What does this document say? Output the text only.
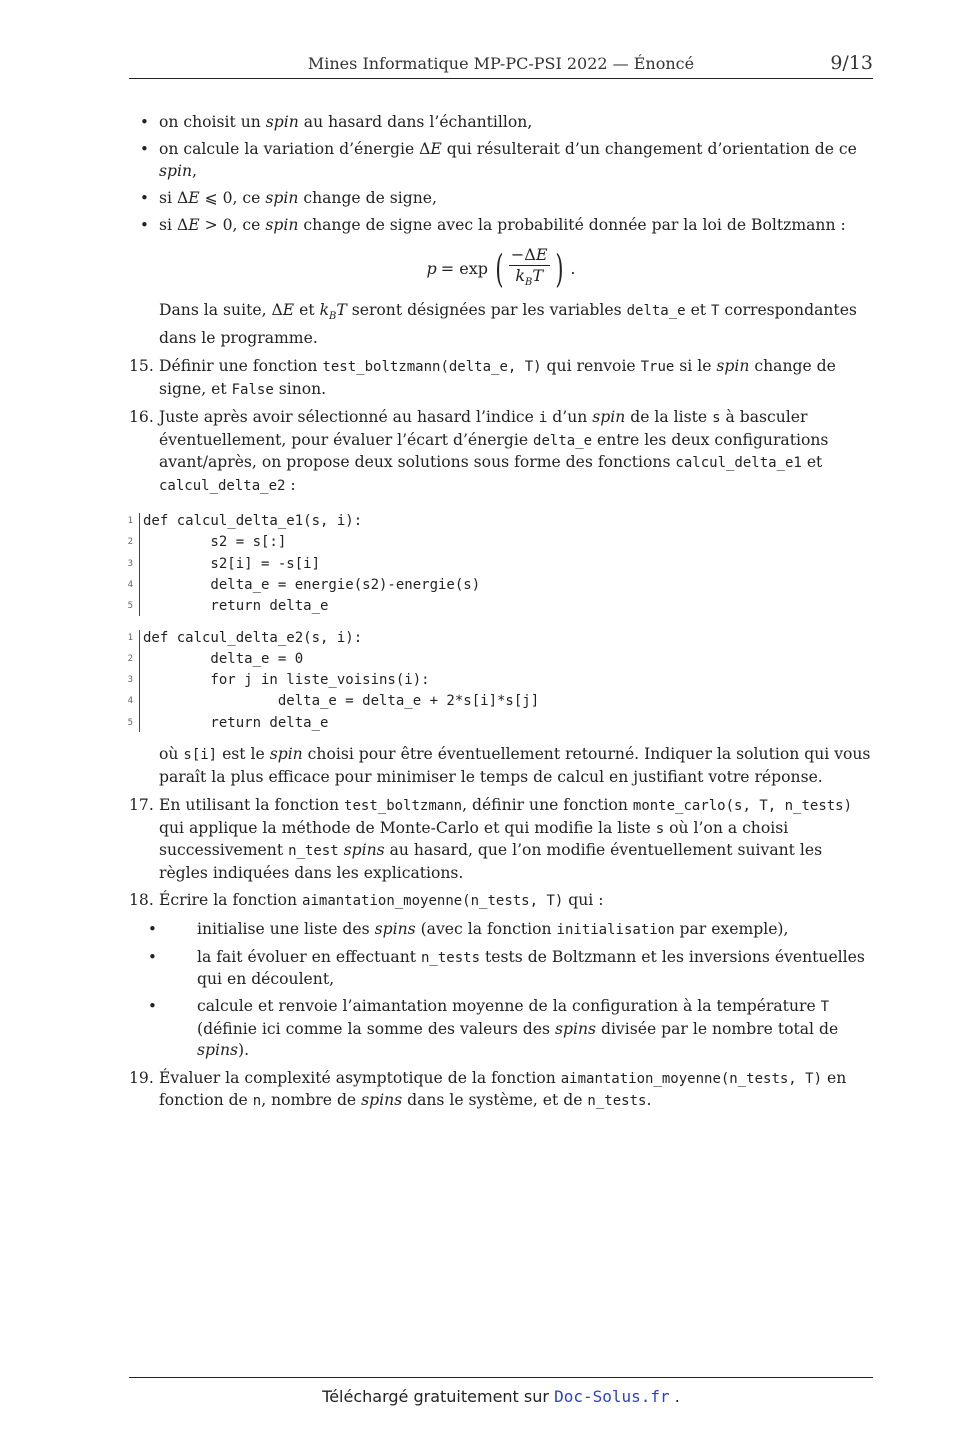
Mines Informatique MP-PC-PSI 2022 — Énoncé	9/13
• on choisit un spin au hasard dans l’échantillon,
• on calcule la variation d’énergie ΔE qui résulterait d’un changement d’orientation de ce spin,
• si ΔE ⩽ 0, ce spin change de signe,
• si ΔE > 0, ce spin change de signe avec la probabilité donnée par la loi de Boltzmann :
p = exp ( $\frac{-\Delta E}{k_BT}$ ) .

Dans la suite, ΔE et $k_BT$ seront désignées par les variables delta_e et T correspondantes dans le programme.

15. Définir une fonction test_boltzmann(delta_e, T) qui renvoie True si le spin change de signe, et False sinon.
16. Juste après avoir sélectionné au hasard l’indice i d’un spin de la liste s à basculer éventuellement, pour évaluer l’écart d’énergie delta_e entre les deux configurations avant/après, on propose deux solutions sous forme des fonctions calcul_delta_e1 et calcul_delta_e2 :
1 def calcul_delta_e1(s, i):
2 s2 = s[:]
3 s2[i] = -s[i]
4 delta_e = energie(s2)-energie(s)
5 return delta_e
1 def calcul_delta_e2(s, i):
2 delta_e = 0
3 for j in liste_voisins(i):
4 delta_e = delta_e + 2*s[i]*s[j]
5 return delta_e

où s[i] est le spin choisi pour être éventuellement retourné. Indiquer la solution qui vous paraît la plus efficace pour minimiser le temps de calcul en justifiant votre réponse.

17. En utilisant la fonction test_boltzmann, définir une fonction monte_carlo(s, T, n_tests) qui applique la méthode de Monte-Carlo et qui modifie la liste s où l’on a choisi successivement n_test spins au hasard, que l’on modifie éventuellement suivant les règles indiquées dans les explications.
18. Écrire la fonction aimantation_moyenne(n_tests, T) qui :
• initialise une liste des spins (avec la fonction initialisation par exemple),
• la fait évoluer en effectuant n_tests tests de Boltzmann et les inversions éventuelles qui en découlent,
• calcule et renvoie l’aimantation moyenne de la configuration à la température T (définie ici comme la somme des valeurs des spins divisée par le nombre total de spins).
19. Évaluer la complexité asymptotique de la fonction aimantation_moyenne(n_tests, T) en fonction de n, nombre de spins dans le système, et de n_tests.
Téléchargé gratuitement sur Doc-Solus.fr .
